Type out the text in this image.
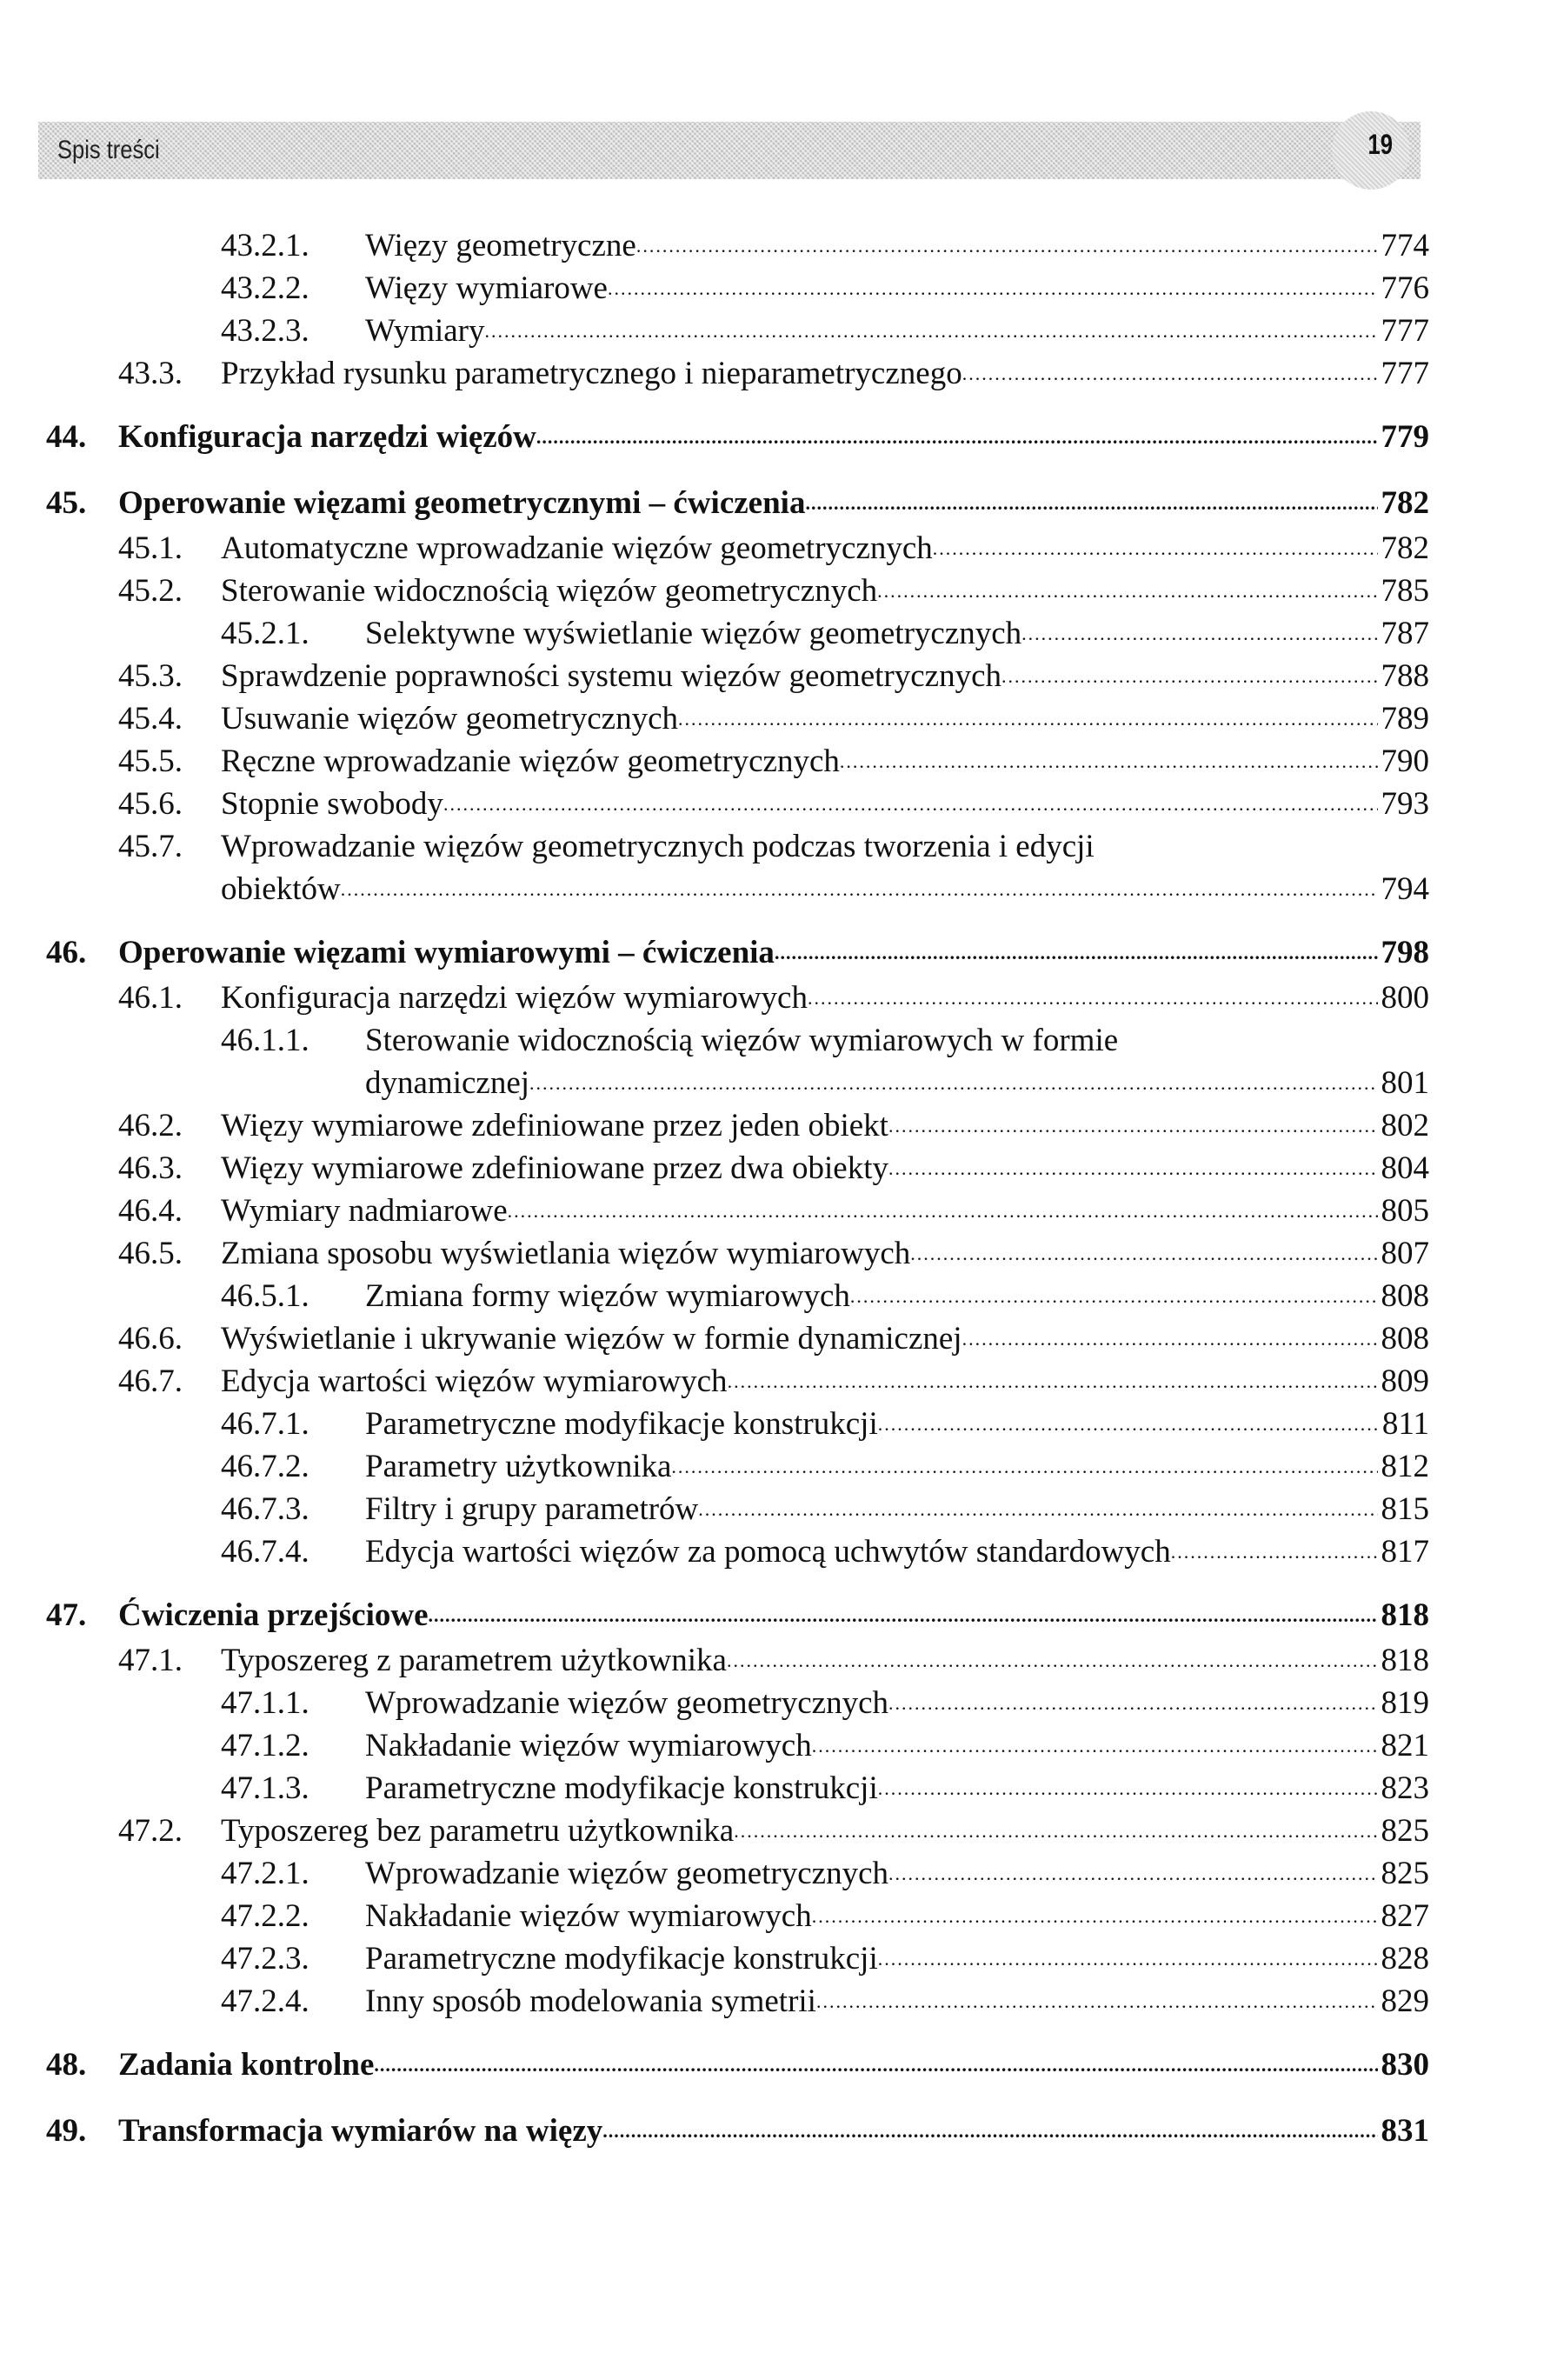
Spis treści	19
43.2.1. Więzy geometryczne .....	774
43.2.2. Więzy wymiarowe .....	776
43.2.3. Wymiary .....	777
43.3. Przykład rysunku parametrycznego i nieparametrycznego .....	777
44. Konfiguracja narzędzi więzów .....	779
45. Operowanie więzami geometrycznymi – ćwiczenia .....	782
45.1. Automatyczne wprowadzanie więzów geometrycznych .....	782
45.2. Sterowanie widocznością więzów geometrycznych .....	785
45.2.1. Selektywne wyświetlanie więzów geometrycznych .....	787
45.3. Sprawdzenie poprawności systemu więzów geometrycznych .....	788
45.4. Usuwanie więzów geometrycznych .....	789
45.5. Ręczne wprowadzanie więzów geometrycznych .....	790
45.6. Stopnie swobody .....	793
45.7. Wprowadzanie więzów geometrycznych podczas tworzenia i edycji
obiektów .....	794
46. Operowanie więzami wymiarowymi – ćwiczenia .....	798
46.1. Konfiguracja narzędzi więzów wymiarowych .....	800
46.1.1. Sterowanie widocznością więzów wymiarowych w formie
dynamicznej .....	801
46.2. Więzy wymiarowe zdefiniowane przez jeden obiekt .....	802
46.3. Więzy wymiarowe zdefiniowane przez dwa obiekty .....	804
46.4. Wymiary nadmiarowe .....	805
46.5. Zmiana sposobu wyświetlania więzów wymiarowych .....	807
46.5.1. Zmiana formy więzów wymiarowych .....	808
46.6. Wyświetlanie i ukrywanie więzów w formie dynamicznej .....	808
46.7. Edycja wartości więzów wymiarowych .....	809
46.7.1. Parametryczne modyfikacje konstrukcji .....	811
46.7.2. Parametry użytkownika .....	812
46.7.3. Filtry i grupy parametrów .....	815
46.7.4. Edycja wartości więzów za pomocą uchwytów standardowych .....	817
47. Ćwiczenia przejściowe .....	818
47.1. Typoszereg z parametrem użytkownika .....	818
47.1.1. Wprowadzanie więzów geometrycznych .....	819
47.1.2. Nakładanie więzów wymiarowych .....	821
47.1.3. Parametryczne modyfikacje konstrukcji .....	823
47.2. Typoszereg bez parametru użytkownika .....	825
47.2.1. Wprowadzanie więzów geometrycznych .....	825
47.2.2. Nakładanie więzów wymiarowych .....	827
47.2.3. Parametryczne modyfikacje konstrukcji .....	828
47.2.4. Inny sposób modelowania symetrii .....	829
48. Zadania kontrolne .....	830
49. Transformacja wymiarów na więzy .....	831
